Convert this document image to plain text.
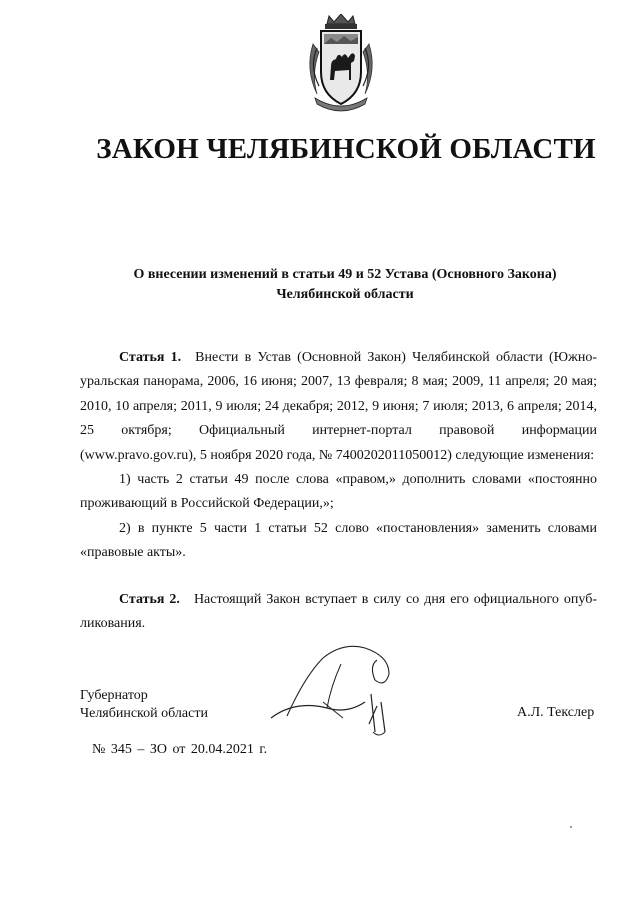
ЗАКОН ЧЕЛЯБИНСКОЙ ОБЛАСТИ
О внесении изменений в статьи 49 и 52 Устава (Основного Закона)
Челябинской области

Статья 1. Внести в Устав (Основной Закон) Челябинской области (Южно-уральская панорама, 2006, 16 июня; 2007, 13 февраля; 8 мая; 2009, 11 апреля; 20 мая; 2010, 10 апреля; 2011, 9 июля; 24 декабря; 2012, 9 июня; 7 июля; 2013, 6 апреля; 2014, 25 октября; Официальный интернет-портал правовой информации (www.pravo.gov.ru), 5 ноября 2020 года, № 7400202011050012) следующие изменения:

1) часть 2 статьи 49 после слова «правом,» дополнить словами «постоянно проживающий в Российской Федерации,»;

2) в пункте 5 части 1 статьи 52 слово «постановления» заменить словами «правовые акты».

Статья 2. Настоящий Закон вступает в силу со дня его официального опуб-ликования.

Губернатор
Челябинской области	А.Л. Текслер
№ 345 – ЗО от 20.04.2021 г.
